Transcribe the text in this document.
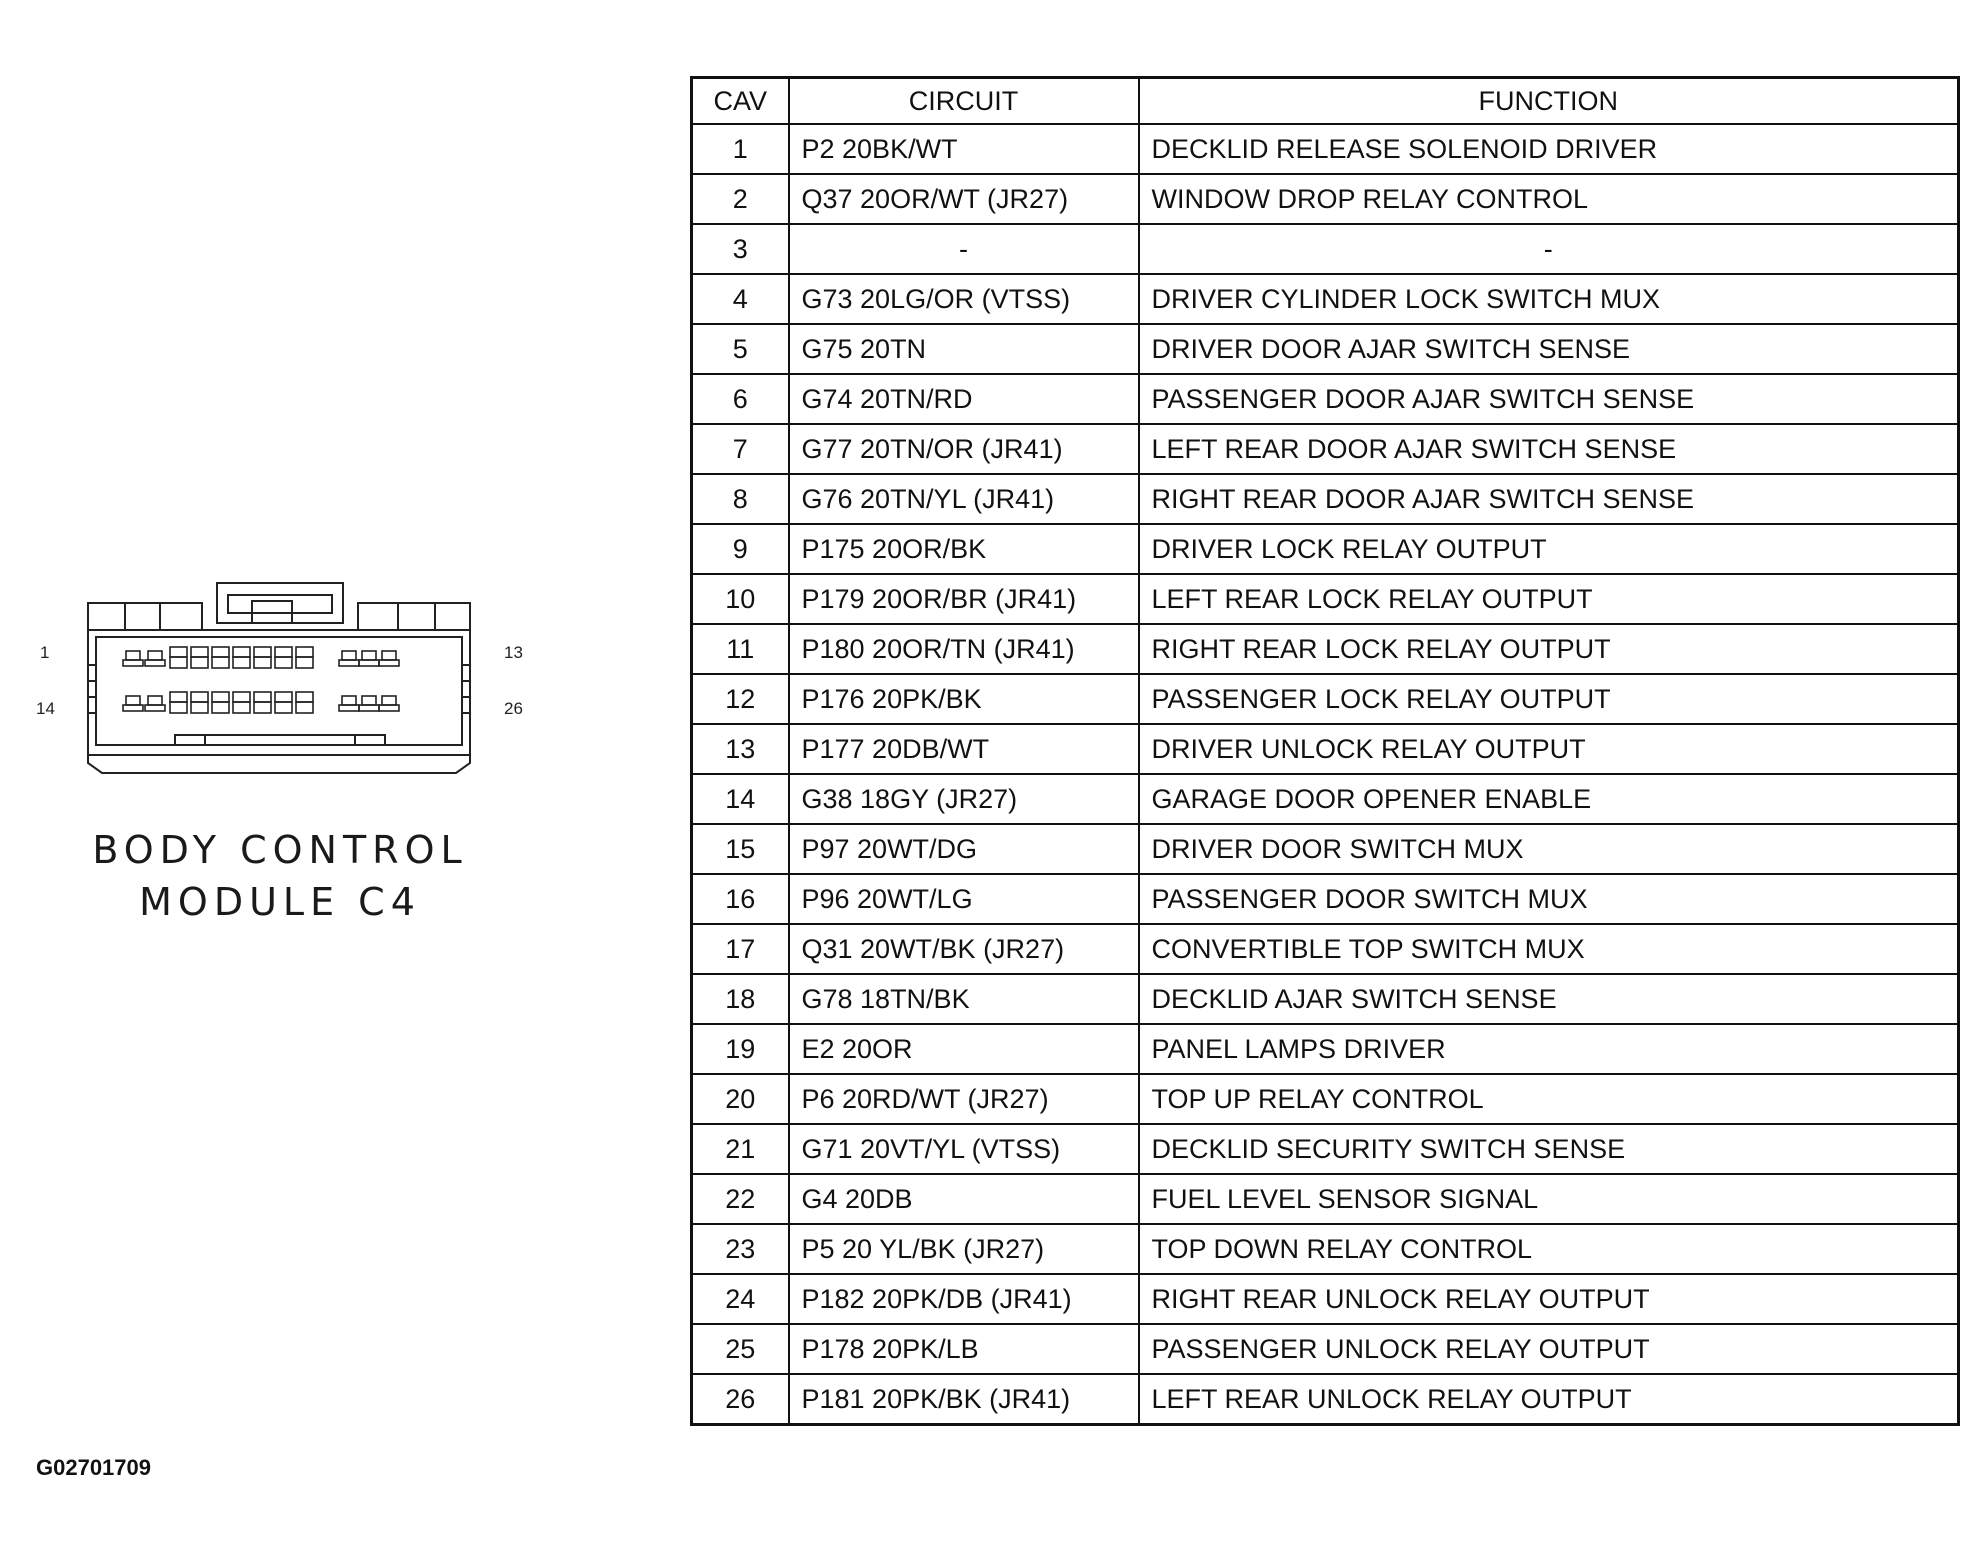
1	13
14	26
BODY CONTROL
MODULE C4
G02701709
CAV	CIRCUIT	FUNCTION
1	P2 20BK/WT	DECKLID RELEASE SOLENOID DRIVER
2	Q37 20OR/WT (JR27)	WINDOW DROP RELAY CONTROL
3	-	-
4	G73 20LG/OR (VTSS)	DRIVER CYLINDER LOCK SWITCH MUX
5	G75 20TN	DRIVER DOOR AJAR SWITCH SENSE
6	G74 20TN/RD	PASSENGER DOOR AJAR SWITCH SENSE
7	G77 20TN/OR (JR41)	LEFT REAR DOOR AJAR SWITCH SENSE
8	G76 20TN/YL (JR41)	RIGHT REAR DOOR AJAR SWITCH SENSE
9	P175 20OR/BK	DRIVER LOCK RELAY OUTPUT
10	P179 20OR/BR (JR41)	LEFT REAR LOCK RELAY OUTPUT
11	P180 20OR/TN (JR41)	RIGHT REAR LOCK RELAY OUTPUT
12	P176 20PK/BK	PASSENGER LOCK RELAY OUTPUT
13	P177 20DB/WT	DRIVER UNLOCK RELAY OUTPUT
14	G38 18GY (JR27)	GARAGE DOOR OPENER ENABLE
15	P97 20WT/DG	DRIVER DOOR SWITCH MUX
16	P96 20WT/LG	PASSENGER DOOR SWITCH MUX
17	Q31 20WT/BK (JR27)	CONVERTIBLE TOP SWITCH MUX
18	G78 18TN/BK	DECKLID AJAR SWITCH SENSE
19	E2 20OR	PANEL LAMPS DRIVER
20	P6 20RD/WT (JR27)	TOP UP RELAY CONTROL
21	G71 20VT/YL (VTSS)	DECKLID SECURITY SWITCH SENSE
22	G4 20DB	FUEL LEVEL SENSOR SIGNAL
23	P5 20 YL/BK (JR27)	TOP DOWN RELAY CONTROL
24	P182 20PK/DB (JR41)	RIGHT REAR UNLOCK RELAY OUTPUT
25	P178 20PK/LB	PASSENGER UNLOCK RELAY OUTPUT
26	P181 20PK/BK (JR41)	LEFT REAR UNLOCK RELAY OUTPUT
